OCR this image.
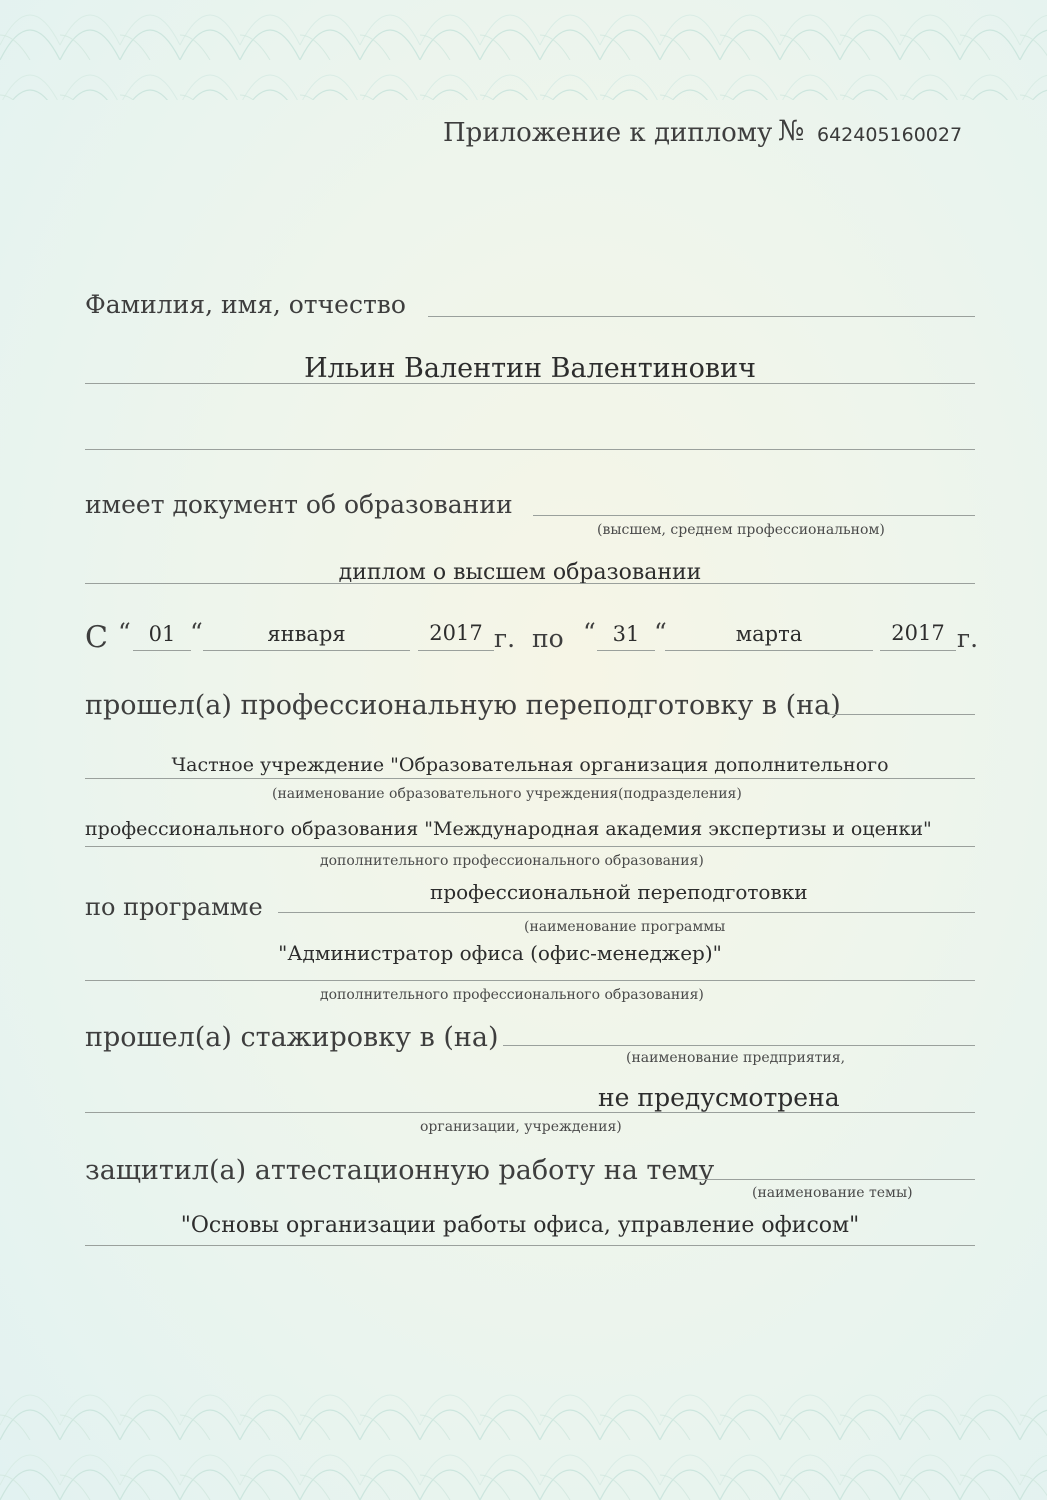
Приложение к диплому № 642405160027
Фамилия, имя, отчество
Ильин Валентин Валентинович
имеет документ об образовании
(высшем, среднем профессиональном)
диплом о высшем образовании
С “ 01 “	января	2017 г. по “ 31 “	марта	2017 г.
прошел(а) профессиональную переподготовку в (на)
Частное учреждение "Образовательная организация дополнительного
(наименование образовательного учреждения(подразделения)
профессионального образования "Международная академия экспертизы и оценки"
дополнительного профессионального образования)
по программе
профессиональной переподготовки
(наименование программы
"Администратор офиса (офис-менеджер)"
дополнительного профессионального образования)
прошел(а) стажировку в (на)
(наименование предприятия,
не предусмотрена
организации, учреждения)
защитил(а) аттестационную работу на тему
(наименование темы)
"Основы организации работы офиса, управление офисом"
